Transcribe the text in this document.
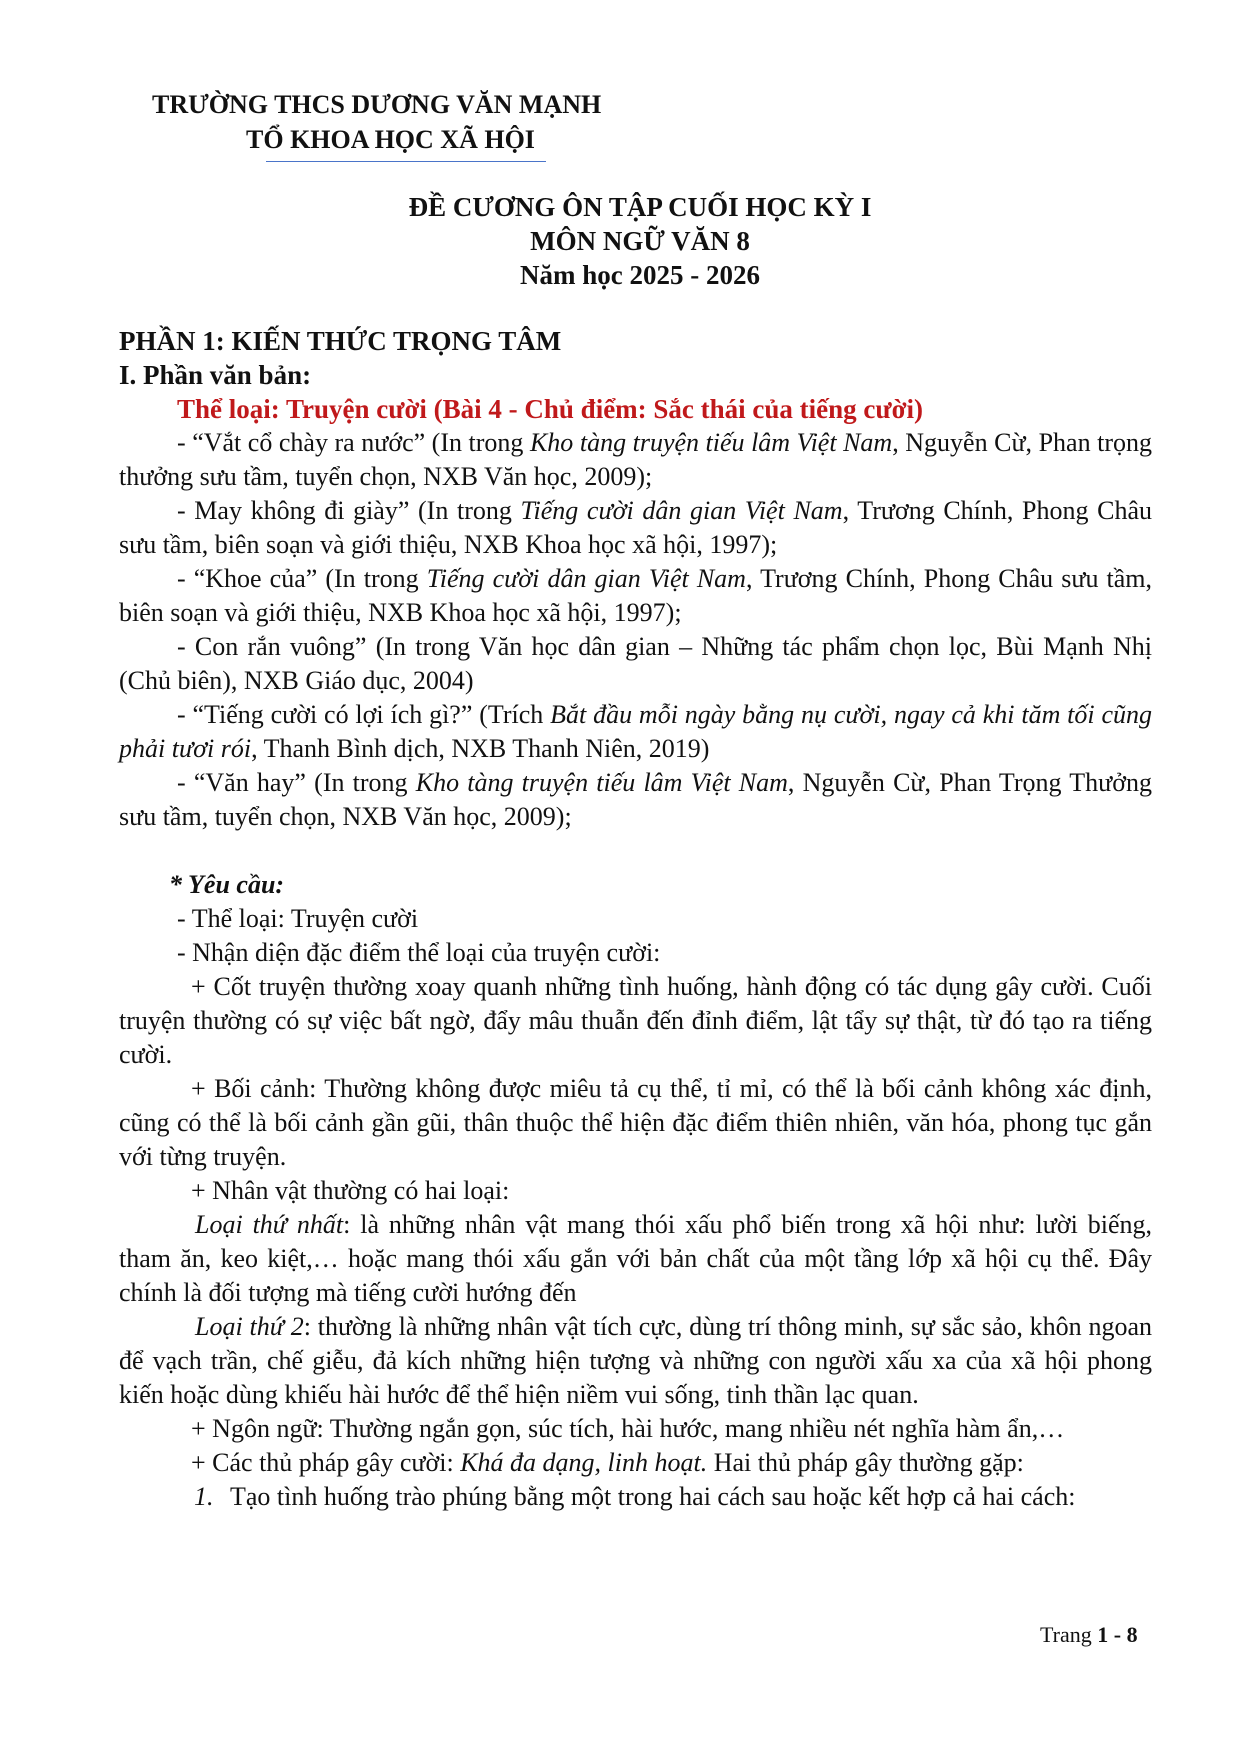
TRƯỜNG THCS DƯƠNG VĂN MẠNH
TỔ KHOA HỌC XÃ HỘI
ĐỀ CƯƠNG ÔN TẬP CUỐI HỌC KỲ I
MÔN NGỮ VĂN 8
Năm học 2025 - 2026

PHẦN 1: KIẾN THỨC TRỌNG TÂM

I. Phần văn bản:

Thể loại: Truyện cười (Bài 4 - Chủ điểm: Sắc thái của tiếng cười)

- “Vắt cổ chày ra nước” (In trong Kho tàng truyện tiếu lâm Việt Nam, Nguyễn Cừ, Phan trọng thưởng sưu tầm, tuyển chọn, NXB Văn học, 2009);

- May không đi giày” (In trong Tiếng cười dân gian Việt Nam, Trương Chính, Phong Châu sưu tầm, biên soạn và giới thiệu, NXB Khoa học xã hội, 1997);

- “Khoe của” (In trong Tiếng cười dân gian Việt Nam, Trương Chính, Phong Châu sưu tầm, biên soạn và giới thiệu, NXB Khoa học xã hội, 1997);

- Con rắn vuông” (In trong Văn học dân gian – Những tác phẩm chọn lọc, Bùi Mạnh Nhị (Chủ biên), NXB Giáo dục, 2004)

- “Tiếng cười có lợi ích gì?” (Trích Bắt đầu mỗi ngày bằng nụ cười, ngay cả khi tăm tối cũng phải tươi rói, Thanh Bình dịch, NXB Thanh Niên, 2019)

- “Văn hay” (In trong Kho tàng truyện tiếu lâm Việt Nam, Nguyễn Cừ, Phan Trọng Thưởng sưu tầm, tuyển chọn, NXB Văn học, 2009);

* Yêu cầu:

- Thể loại: Truyện cười

- Nhận diện đặc điểm thể loại của truyện cười:

+ Cốt truyện thường xoay quanh những tình huống, hành động có tác dụng gây cười. Cuối truyện thường có sự việc bất ngờ, đẩy mâu thuẫn đến đỉnh điểm, lật tẩy sự thật, từ đó tạo ra tiếng cười.

+ Bối cảnh: Thường không được miêu tả cụ thể, tỉ mỉ, có thể là bối cảnh không xác định, cũng có thể là bối cảnh gần gũi, thân thuộc thể hiện đặc điểm thiên nhiên, văn hóa, phong tục gắn với từng truyện.

+ Nhân vật thường có hai loại:

Loại thứ nhất: là những nhân vật mang thói xấu phổ biến trong xã hội như: lười biếng, tham ăn, keo kiệt,… hoặc mang thói xấu gắn với bản chất của một tầng lớp xã hội cụ thể. Đây chính là đối tượng mà tiếng cười hướng đến

Loại thứ 2: thường là những nhân vật tích cực, dùng trí thông minh, sự sắc sảo, khôn ngoan để vạch trần, chế giễu, đả kích những hiện tượng và những con người xấu xa của xã hội phong kiến hoặc dùng khiếu hài hước để thể hiện niềm vui sống, tinh thần lạc quan.

+ Ngôn ngữ: Thường ngắn gọn, súc tích, hài hước, mang nhiều nét nghĩa hàm ẩn,…

+ Các thủ pháp gây cười: Khá đa dạng, linh hoạt. Hai thủ pháp gây thường gặp:

1. Tạo tình huống trào phúng bằng một trong hai cách sau hoặc kết hợp cả hai cách:

Trang 1 - 8
